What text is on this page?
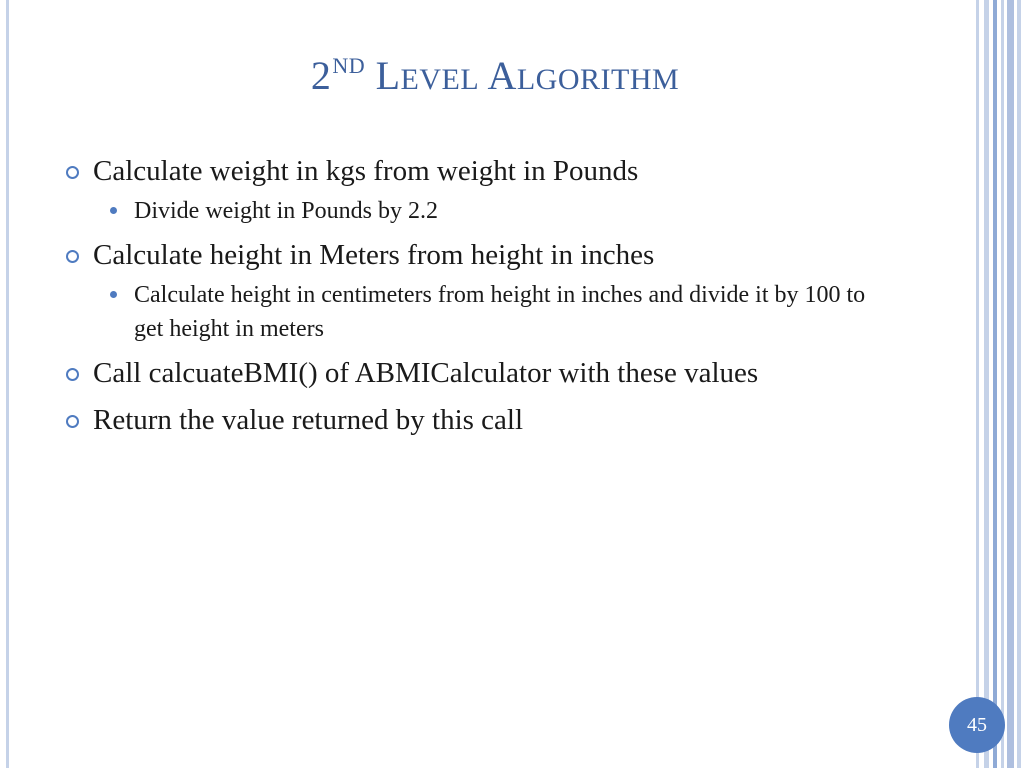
2ND LEVEL ALGORITHM
Calculate weight in kgs from weight in Pounds
Divide weight in Pounds by 2.2
Calculate height in Meters from height in inches
Calculate height in centimeters from height in inches and divide it by 100 to get height in meters
Call calcuateBMI() of ABMICalculator with these values
Return the value returned by this call
45
